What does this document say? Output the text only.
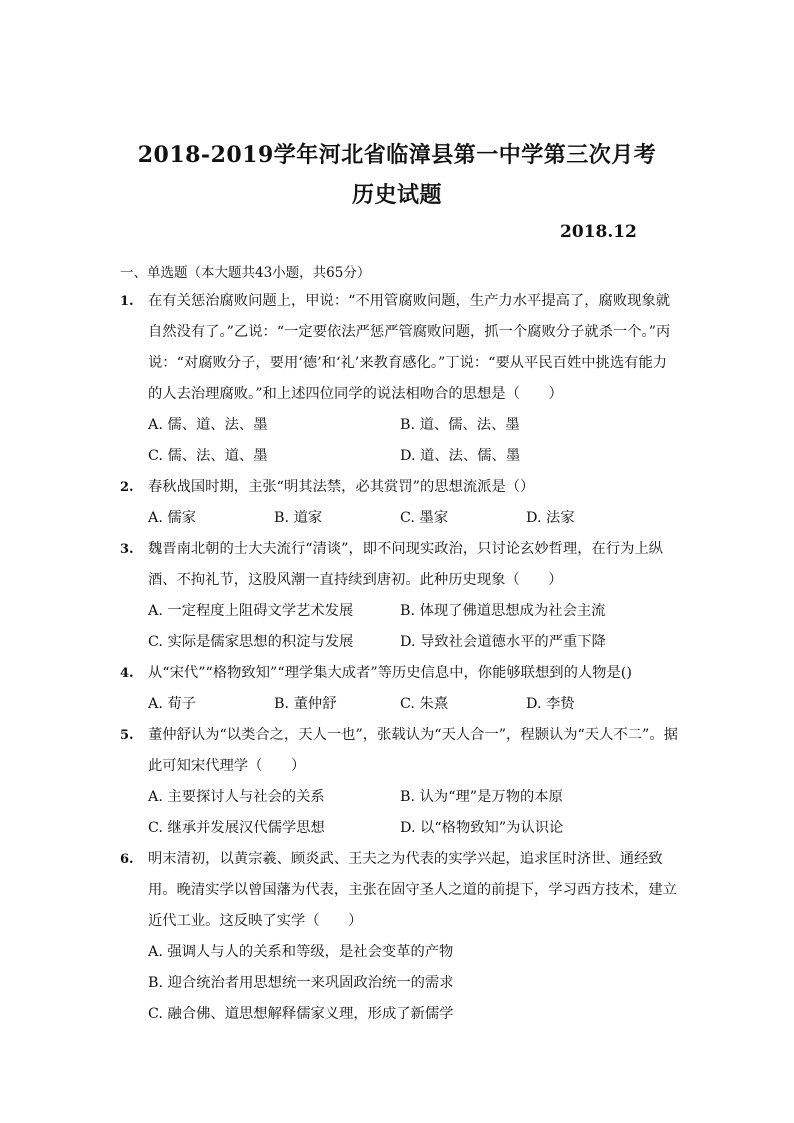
2018-2019学年河北省临漳县第一中学第三次月考
历史试题
2018.12
一、单选题（本大题共43小题，共65分）
1.	在有关惩治腐败问题上，甲说：“不用管腐败问题，生产力水平提高了，腐败现象就自然没有了。”乙说：“一定要依法严惩严管腐败问题，抓一个腐败分子就杀一个。”丙说：“对腐败分子，要用‘德’和‘礼’来教育感化。”丁说：“要从平民百姓中挑选有能力的人去治理腐败。”和上述四位同学的说法相吻合的思想是（　　）
A. 儒、道、法、墨	B. 道、儒、法、墨
C. 儒、法、道、墨	D. 道、法、儒、墨
2.	春秋战国时期，主张“明其法禁，必其赏罚”的思想流派是（）
A. 儒家	B. 道家	C. 墨家	D. 法家
3.	魏晋南北朝的士大夫流行“清谈”，即不问现实政治，只讨论玄妙哲理，在行为上纵酒、不拘礼节，这股风潮一直持续到唐初。此种历史现象（　　）
A. 一定程度上阻碍文学艺术发展	B. 体现了佛道思想成为社会主流
C. 实际是儒家思想的积淀与发展	D. 导致社会道德水平的严重下降
4.	从“宋代”“格物致知”“理学集大成者”等历史信息中，你能够联想到的人物是()
A. 荀子	B. 董仲舒	C. 朱熹	D. 李贽
5.	董仲舒认为“以类合之，天人一也”，张载认为“天人合一”，程颢认为“天人不二”。据此可知宋代理学（　　）
A. 主要探讨人与社会的关系	B. 认为“理”是万物的本原
C. 继承并发展汉代儒学思想	D. 以“格物致知”为认识论
6.	明末清初，以黄宗羲、顾炎武、王夫之为代表的实学兴起，追求匡时济世、通经致用。晚清实学以曾国藩为代表，主张在固守圣人之道的前提下，学习西方技术，建立近代工业。这反映了实学（　　）
A. 强调人与人的关系和等级，是社会变革的产物
B. 迎合统治者用思想统一来巩固政治统一的需求
C. 融合佛、道思想解释儒家义理，形成了新儒学
